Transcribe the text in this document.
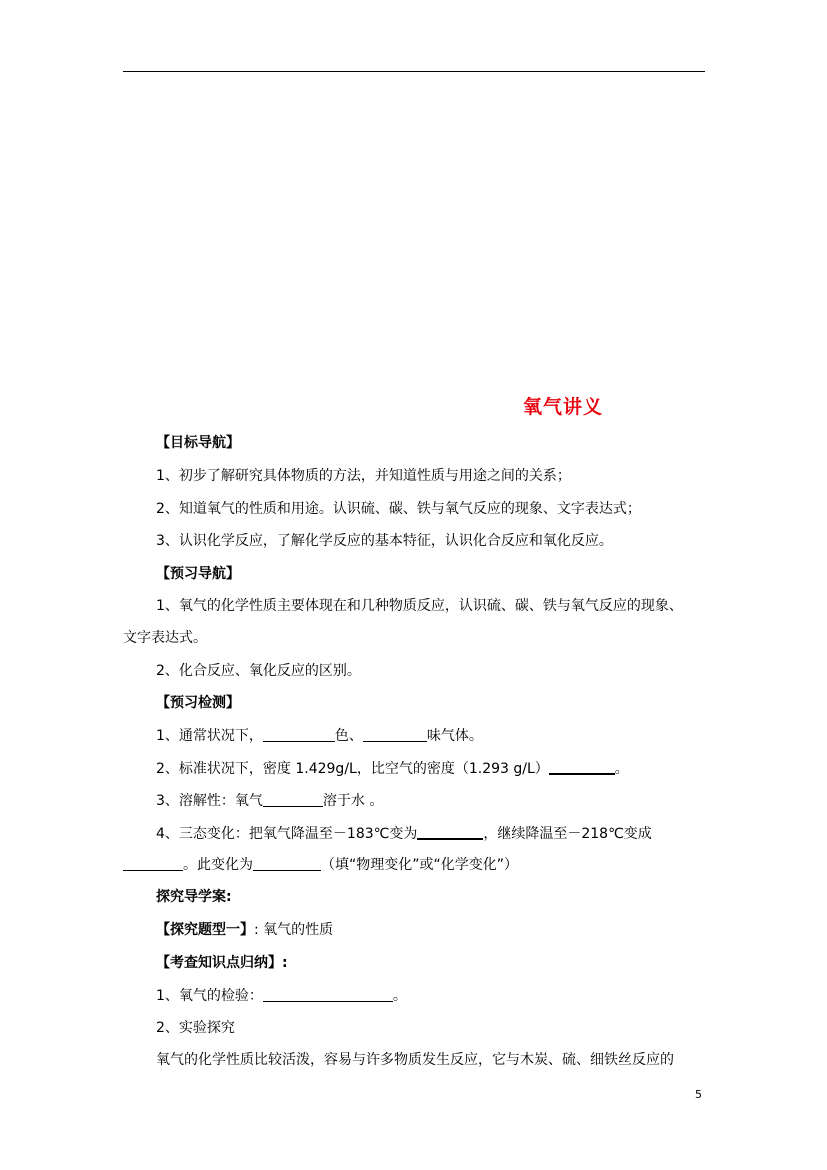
氧气讲义
【目标导航】
1、初步了解研究具体物质的方法，并知道性质与用途之间的关系；
2、知道氧气的性质和用途。认识硫、碳、铁与氧气反应的现象、文字表达式；
3、认识化学反应，了解化学反应的基本特征，认识化合反应和氧化反应。
【预习导航】
1、氧气的化学性质主要体现在和几种物质反应，认识硫、碳、铁与氧气反应的现象、
文字表达式。
2、化合反应、氧化反应的区别。
【预习检测】
1、通常状况下，	色、	味气体。
2、标准状况下，密度 1.429g/L，比空气的密度（1.293 g/L）	。
3、溶解性：氧气	溶于水 。
4、三态变化：把氧气降温至－183℃变为	，继续降温至－218℃变成
。此变化为	（填“物理变化”或“化学变化”）
探究导学案:
【探究题型一】: 氧气的性质
【考查知识点归纳】:
1、氧气的检验：	。
2、实验探究
氧气的化学性质比较活泼，容易与许多物质发生反应，它与木炭、硫、细铁丝反应的
5
